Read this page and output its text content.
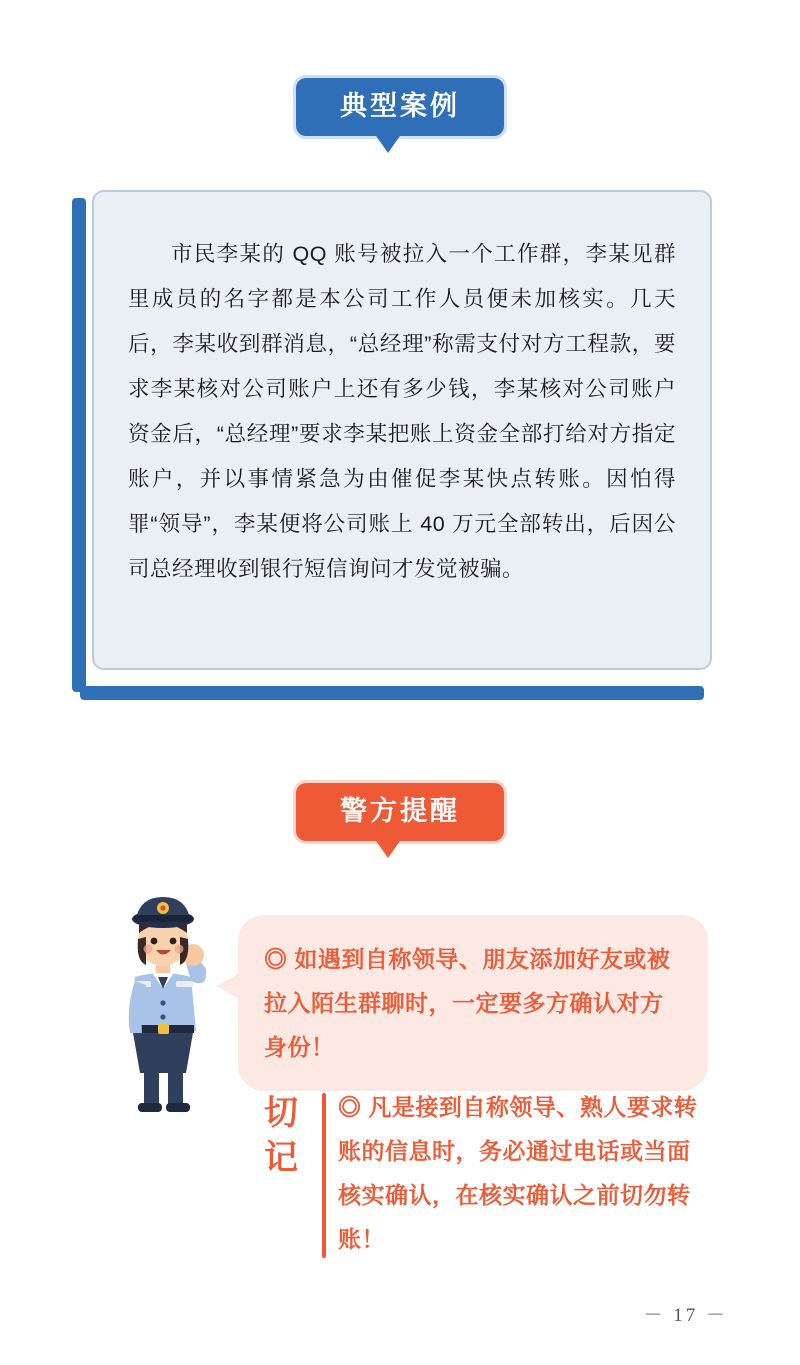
典型案例
市民李某的 QQ 账号被拉入一个工作群，李某见群里成员的名字都是本公司工作人员便未加核实。几天后，李某收到群消息，“总经理”称需支付对方工程款，要求李某核对公司账户上还有多少钱，李某核对公司账户资金后，“总经理”要求李某把账上资金全部打给对方指定账户，并以事情紧急为由催促李某快点转账。因怕得罪“领导”，李某便将公司账上 40 万元全部转出，后因公司总经理收到银行短信询问才发觉被骗。
警方提醒
◎ 如遇到自称领导、朋友添加好友或被拉入陌生群聊时，一定要多方确认对方身份！
切记
◎ 凡是接到自称领导、熟人要求转账的信息时，务必通过电话或当面核实确认，在核实确认之前切勿转账！
－ 17 －
